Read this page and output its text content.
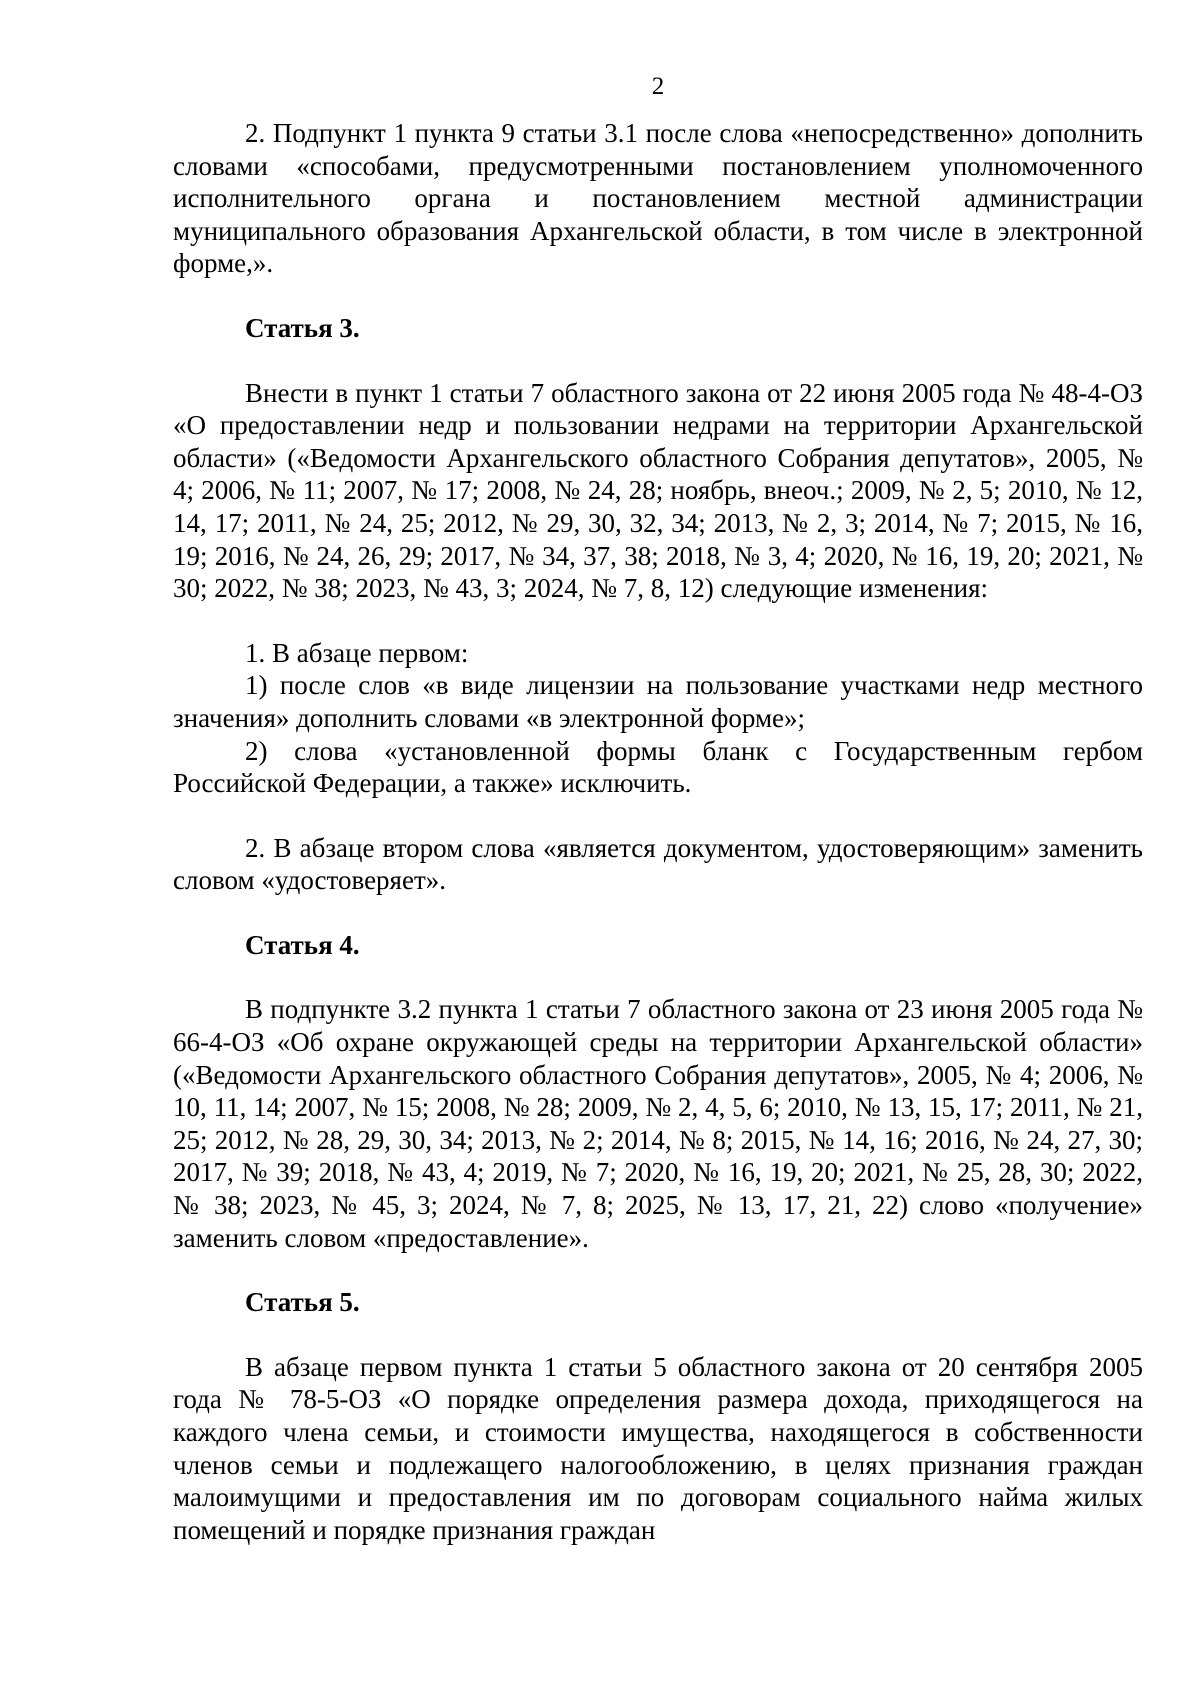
2

2. Подпункт 1 пункта 9 статьи 3.1 после слова «непосредственно» дополнить словами «способами, предусмотренными постановлением уполномоченного исполнительного органа и постановлением местной администрации муниципального образования Архангельской области, в том числе в электронной форме,».

Статья 3.

Внести в пункт 1 статьи 7 областного закона от 22 июня 2005 года № 48-4-ОЗ «О предоставлении недр и пользовании недрами на территории Архангельской области» («Ведомости Архангельского областного Собрания депутатов», 2005, № 4; 2006, № 11; 2007, № 17; 2008, № 24, 28; ноябрь, внеоч.; 2009, № 2, 5; 2010, № 12, 14, 17; 2011, № 24, 25; 2012, № 29, 30, 32, 34; 2013, № 2, 3; 2014, № 7; 2015, № 16, 19; 2016, № 24, 26, 29; 2017, № 34, 37, 38; 2018, № 3, 4; 2020, № 16, 19, 20; 2021, № 30; 2022, № 38; 2023, № 43, 3; 2024, № 7, 8, 12) следующие изменения:

1. В абзаце первом:

1) после слов «в виде лицензии на пользование участками недр местного значения» дополнить словами «в электронной форме»;

2) слова «установленной формы бланк с Государственным гербом Российской Федерации, а также» исключить.

2. В абзаце втором слова «является документом, удостоверяющим» заменить словом «удостоверяет».

Статья 4.

В подпункте 3.2 пункта 1 статьи 7 областного закона от 23 июня 2005 года № 66-4-ОЗ «Об охране окружающей среды на территории Архангельской области» («Ведомости Архангельского областного Собрания депутатов», 2005, № 4; 2006, № 10, 11, 14; 2007, № 15; 2008, № 28; 2009, № 2, 4, 5, 6; 2010, № 13, 15, 17; 2011, № 21, 25; 2012, № 28, 29, 30, 34; 2013, № 2; 2014, № 8; 2015, № 14, 16; 2016, № 24, 27, 30; 2017, № 39; 2018, № 43, 4; 2019, № 7; 2020, № 16, 19, 20; 2021, № 25, 28, 30; 2022, № 38; 2023, № 45, 3; 2024, № 7, 8; 2025, № 13, 17, 21, 22) слово «получение» заменить словом «предоставление».

Статья 5.

В абзаце первом пункта 1 статьи 5 областного закона от 20 сентября 2005 года № 78-5-ОЗ «О порядке определения размера дохода, приходящегося на каждого члена семьи, и стоимости имущества, находящегося в собственности членов семьи и подлежащего налогообложению, в целях признания граждан малоимущими и предоставления им по договорам социального найма жилых помещений и порядке признания граждан
